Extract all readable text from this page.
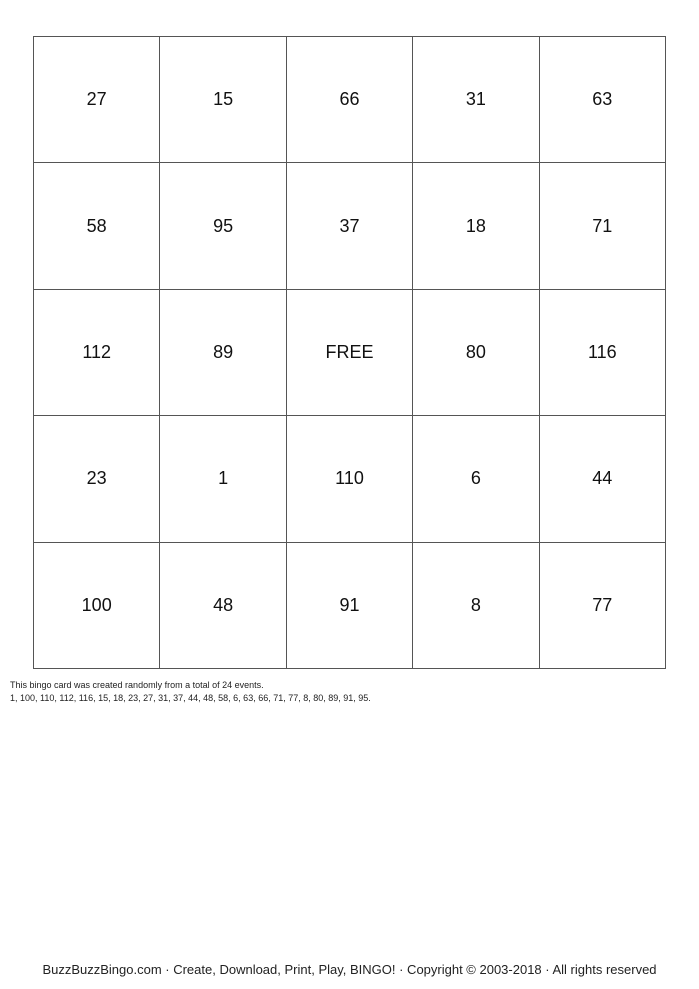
27	15	66	31	63
58	95	37	18	71
112	89	FREE	80	116
23	1	110	6	44
100	48	91	8	77
This bingo card was created randomly from a total of 24 events.
1, 100, 110, 112, 116, 15, 18, 23, 27, 31, 37, 44, 48, 58, 6, 63, 66, 71, 77, 8, 80, 89, 91, 95.
BuzzBuzzBingo.com · Create, Download, Print, Play, BINGO! · Copyright © 2003-2018 · All rights reserved
